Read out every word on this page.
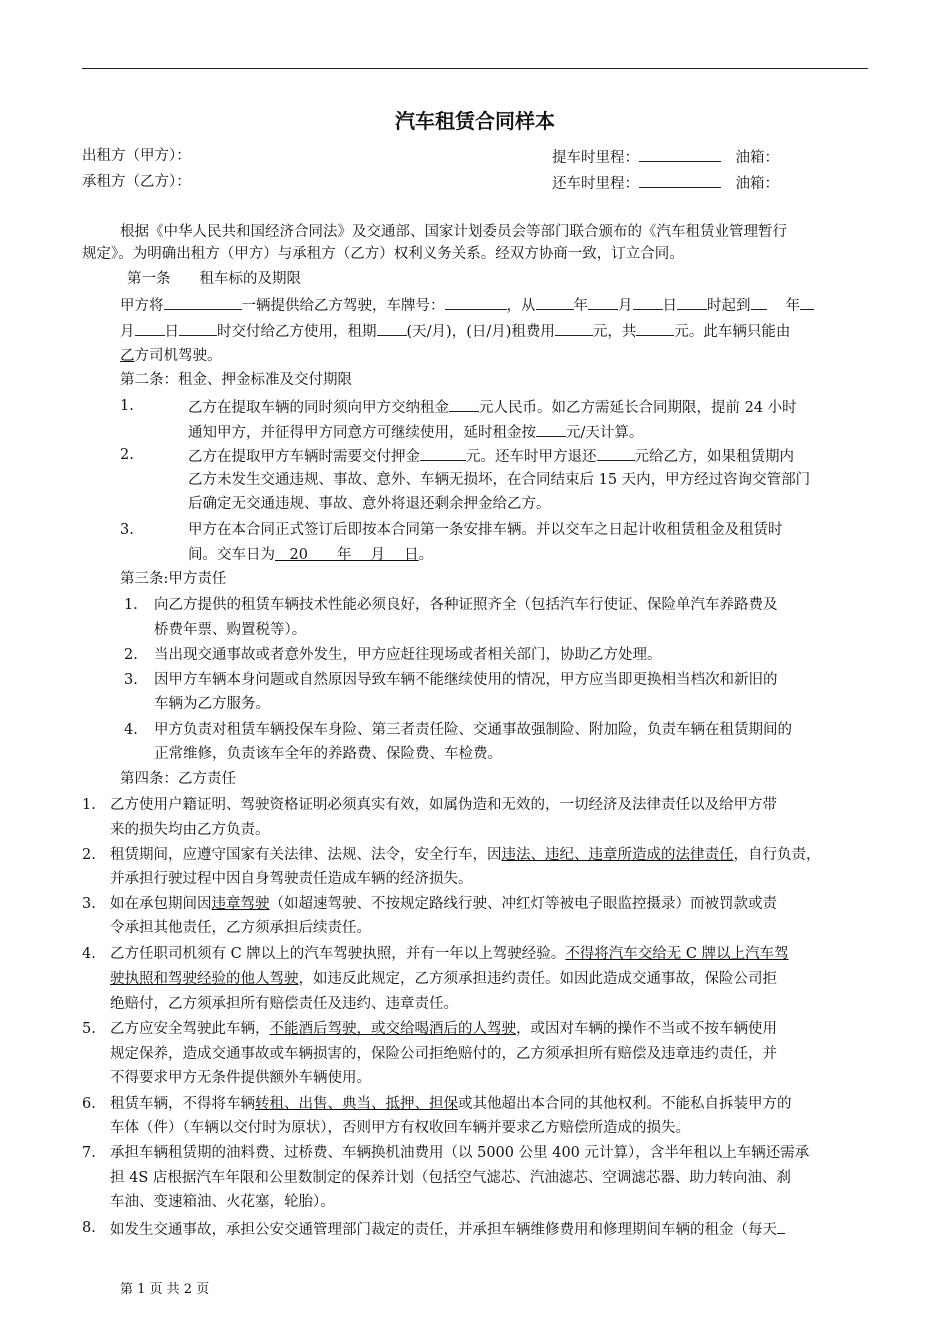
汽车租赁合同样本
出租方（甲方）：
承租方（乙方）：
提车时里程：　	油箱：
还车时里程：　	油箱：
根据《中华人民共和国经济合同法》及交通部、国家计划委员会等部门联合颁布的《汽车租赁业管理暂行
规定》。为明确出租方（甲方）与承租方（乙方）权利义务关系。经双方协商一致，订立合同。
第一条　　租车标的及期限
甲方将	一辆提供给乙方驾驶，车牌号：	，从	年 月 日 时起到　 年
月 日	时交付给乙方使用，租期 (天/月)，(日/月)租费用	元，共	元。此车辆只能由
乙方司机驾驶。
第二条：租金、押金标准及交付期限
1.	乙方在提取车辆的同时须向甲方交纳租金 元人民币。如乙方需延长合同期限，提前 24 小时
通知甲方，并征得甲方同意方可继续使用，延时租金按 元/天计算。
2.	乙方在提取甲方车辆时需要交付押金	元。还车时甲方退还	元给乙方，如果租赁期内
乙方未发生交通违规、事故、意外、车辆无损坏，在合同结束后 15 天内，甲方经过咨询交管部门
后确定无交通违规、事故、意外将退还剩余押金给乙方。
3.	甲方在本合同正式签订后即按本合同第一条安排车辆。并以交车之日起计收租赁租金及租赁时
间。交车日为　20　　年　 月　 日。
第三条:甲方责任
1. 向乙方提供的租赁车辆技术性能必须良好，各种证照齐全（包括汽车行使证、保险单汽车养路费及
桥费年票、购置税等）。
2. 当出现交通事故或者意外发生，甲方应赶往现场或者相关部门，协助乙方处理。
3. 因甲方车辆本身问题或自然原因导致车辆不能继续使用的情况，甲方应当即更换相当档次和新旧的
车辆为乙方服务。
4. 甲方负责对租赁车辆投保车身险、第三者责任险、交通事故强制险、附加险，负责车辆在租赁期间的
正常维修，负责该车全年的养路费、保险费、车检费。
第四条：乙方责任
1. 乙方使用户籍证明、驾驶资格证明必须真实有效，如属伪造和无效的，一切经济及法律责任以及给甲方带
来的损失均由乙方负责。
2. 租赁期间，应遵守国家有关法律、法规、法令，安全行车，因违法、违纪、违章所造成的法律责任，自行负责，
并承担行驶过程中因自身驾驶责任造成车辆的经济损失。
3. 如在承包期间因违章驾驶（如超速驾驶、不按规定路线行驶、冲红灯等被电子眼监控摄录）而被罚款或责
令承担其他责任，乙方须承担后续责任。
4. 乙方任职司机须有 C 牌以上的汽车驾驶执照，并有一年以上驾驶经验。不得将汽车交给无 C 牌以上汽车驾
驶执照和驾驶经验的他人驾驶，如违反此规定，乙方须承担违约责任。如因此造成交通事故，保险公司拒
绝赔付，乙方须承担所有赔偿责任及违约、违章责任。
5. 乙方应安全驾驶此车辆，不能酒后驾驶，或交给喝酒后的人驾驶，或因对车辆的操作不当或不按车辆使用
规定保养，造成交通事故或车辆损害的，保险公司拒绝赔付的，乙方须承担所有赔偿及违章违约责任，并
不得要求甲方无条件提供额外车辆使用。
6. 租赁车辆，不得将车辆转租、出售、典当、抵押、担保或其他超出本合同的其他权利。不能私自拆装甲方的
车体（件）（车辆以交付时为原状），否则甲方有权收回车辆并要求乙方赔偿所造成的损失。
7. 承担车辆租赁期的油料费、过桥费、车辆换机油费用（以 5000 公里 400 元计算），含半年租以上车辆还需承
担 4S 店根据汽车年限和公里数制定的保养计划（包括空气滤芯、汽油滤芯、空调滤芯器、助力转向油、刹
车油、变速箱油、火花塞，轮胎）。
8. 如发生交通事故，承担公安交通管理部门裁定的责任，并承担车辆维修费用和修理期间车辆的租金（每天
第 1 页 共 2 页
